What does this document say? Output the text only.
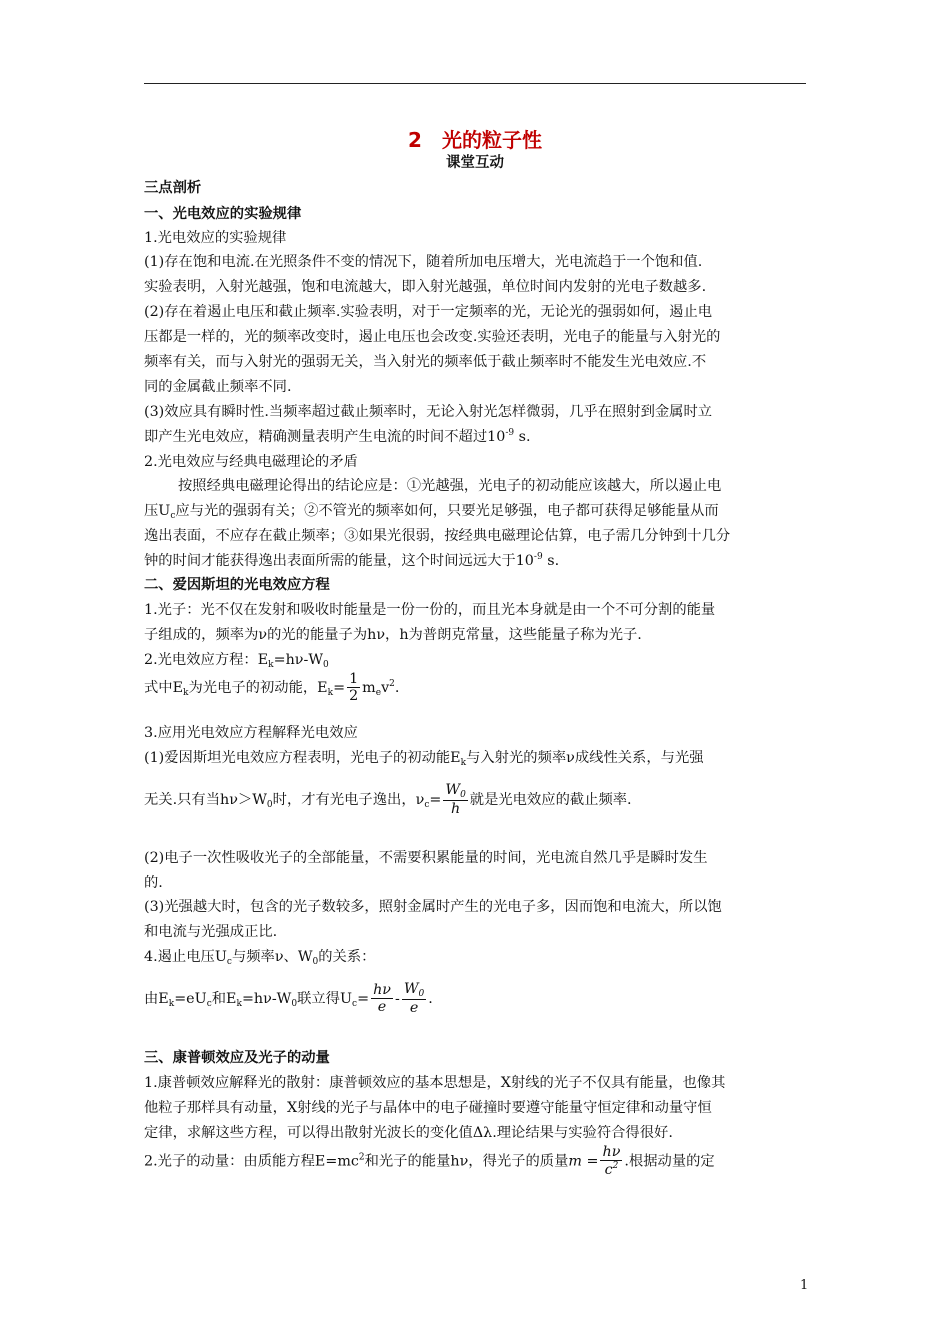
2　光的粒子性
课堂互动
三点剖析
一、光电效应的实验规律
1.光电效应的实验规律
(1)存在饱和电流.在光照条件不变的情况下，随着所加电压增大，光电流趋于一个饱和值.
实验表明，入射光越强，饱和电流越大，即入射光越强，单位时间内发射的光电子数越多.
(2)存在着遏止电压和截止频率.实验表明，对于一定频率的光，无论光的强弱如何，遏止电
压都是一样的，光的频率改变时，遏止电压也会改变.实验还表明，光电子的能量与入射光的
频率有关，而与入射光的强弱无关，当入射光的频率低于截止频率时不能发生光电效应.不
同的金属截止频率不同.
(3)效应具有瞬时性.当频率超过截止频率时，无论入射光怎样微弱，几乎在照射到金属时立
即产生光电效应，精确测量表明产生电流的时间不超过$10^{-9}$ s.
2.光电效应与经典电磁理论的矛盾
按照经典电磁理论得出的结论应是：①光越强，光电子的初动能应该越大，所以遏止电
压$U_c$应与光的强弱有关；②不管光的频率如何，只要光足够强，电子都可获得足够能量从而
逸出表面，不应存在截止频率；③如果光很弱，按经典电磁理论估算，电子需几分钟到十几分
钟的时间才能获得逸出表面所需的能量，这个时间远远大于$10^{-9}$ s.
二、爱因斯坦的光电效应方程
1.光子：光不仅在发射和吸收时能量是一份一份的，而且光本身就是由一个不可分割的能量
子组成的，频率为ν的光的能量子为hν，h为普朗克常量，这些能量子称为光子.
2.光电效应方程：$E_k=h\nu-W_0$
式中$E_k$为光电子的初动能，$E_k= \frac{1}{2} m_ev^2$.
3.应用光电效应方程解释光电效应
(1)爱因斯坦光电效应方程表明，光电子的初动能$E_k$与入射光的频率ν成线性关系，与光强
无关.只有当$h\nu>W_0$时，才有光电子逸出，$\nu_c= \frac{W_0}{h}$ 就是光电效应的截止频率.
(2)电子一次性吸收光子的全部能量，不需要积累能量的时间，光电流自然几乎是瞬时发生
的.
(3)光强越大时，包含的光子数较多，照射金属时产生的光电子多，因而饱和电流大，所以饱
和电流与光强成正比.
4.遏止电压$U_c$与频率ν、$W_0$的关系：
由$E_k=eU_c$和$E_k=h\nu-W_0$联立得$U_c= \frac{h\nu}{e} - \frac{W_0}{e}$ .
三、康普顿效应及光子的动量
1.康普顿效应解释光的散射：康普顿效应的基本思想是，X射线的光子不仅具有能量，也像其
他粒子那样具有动量，X射线的光子与晶体中的电子碰撞时要遵守能量守恒定律和动量守恒
定律，求解这些方程，可以得出散射光波长的变化值Δλ.理论结果与实验符合得很好.
2.光子的动量：由质能方程$E=mc^2$和光子的能量hν，得光子的质量$m = \frac{h\nu}{c^2}$ .根据动量的定
1
